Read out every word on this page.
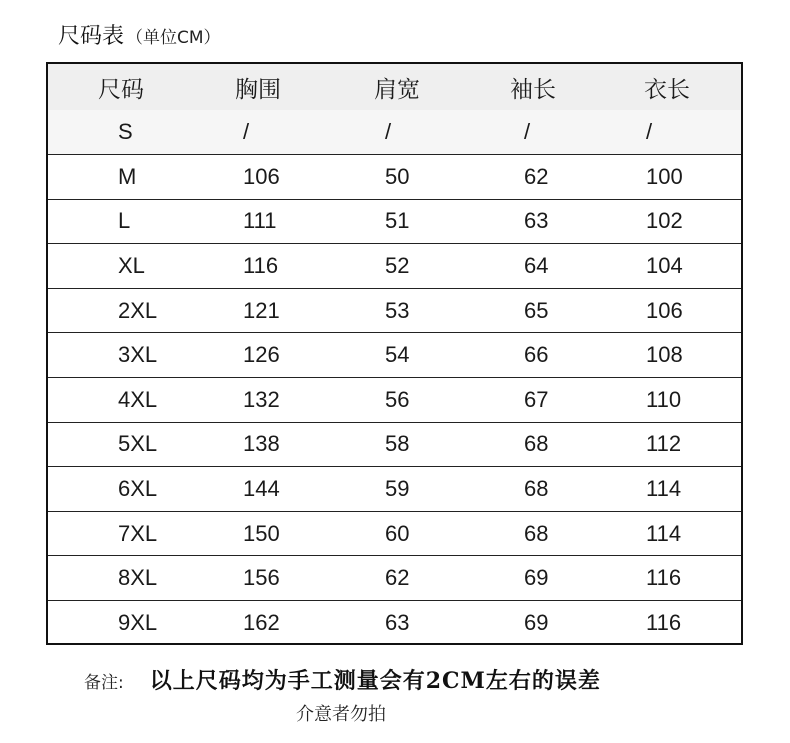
尺码表 （单位CM）
尺码	胸围	肩宽	袖长	衣长
S	/	/	/	/
M	106	50	62	100
L	111	51	63	102
XL	116	52	64	104
2XL	121	53	65	106
3XL	126	54	66	108
4XL	132	56	67	110
5XL	138	58	68	112
6XL	144	59	68	114
7XL	150	60	68	114
8XL	156	62	69	116
9XL	162	63	69	116
备注: 以上尺码均为手工测量会有2CM左右的误差
介意者勿拍
